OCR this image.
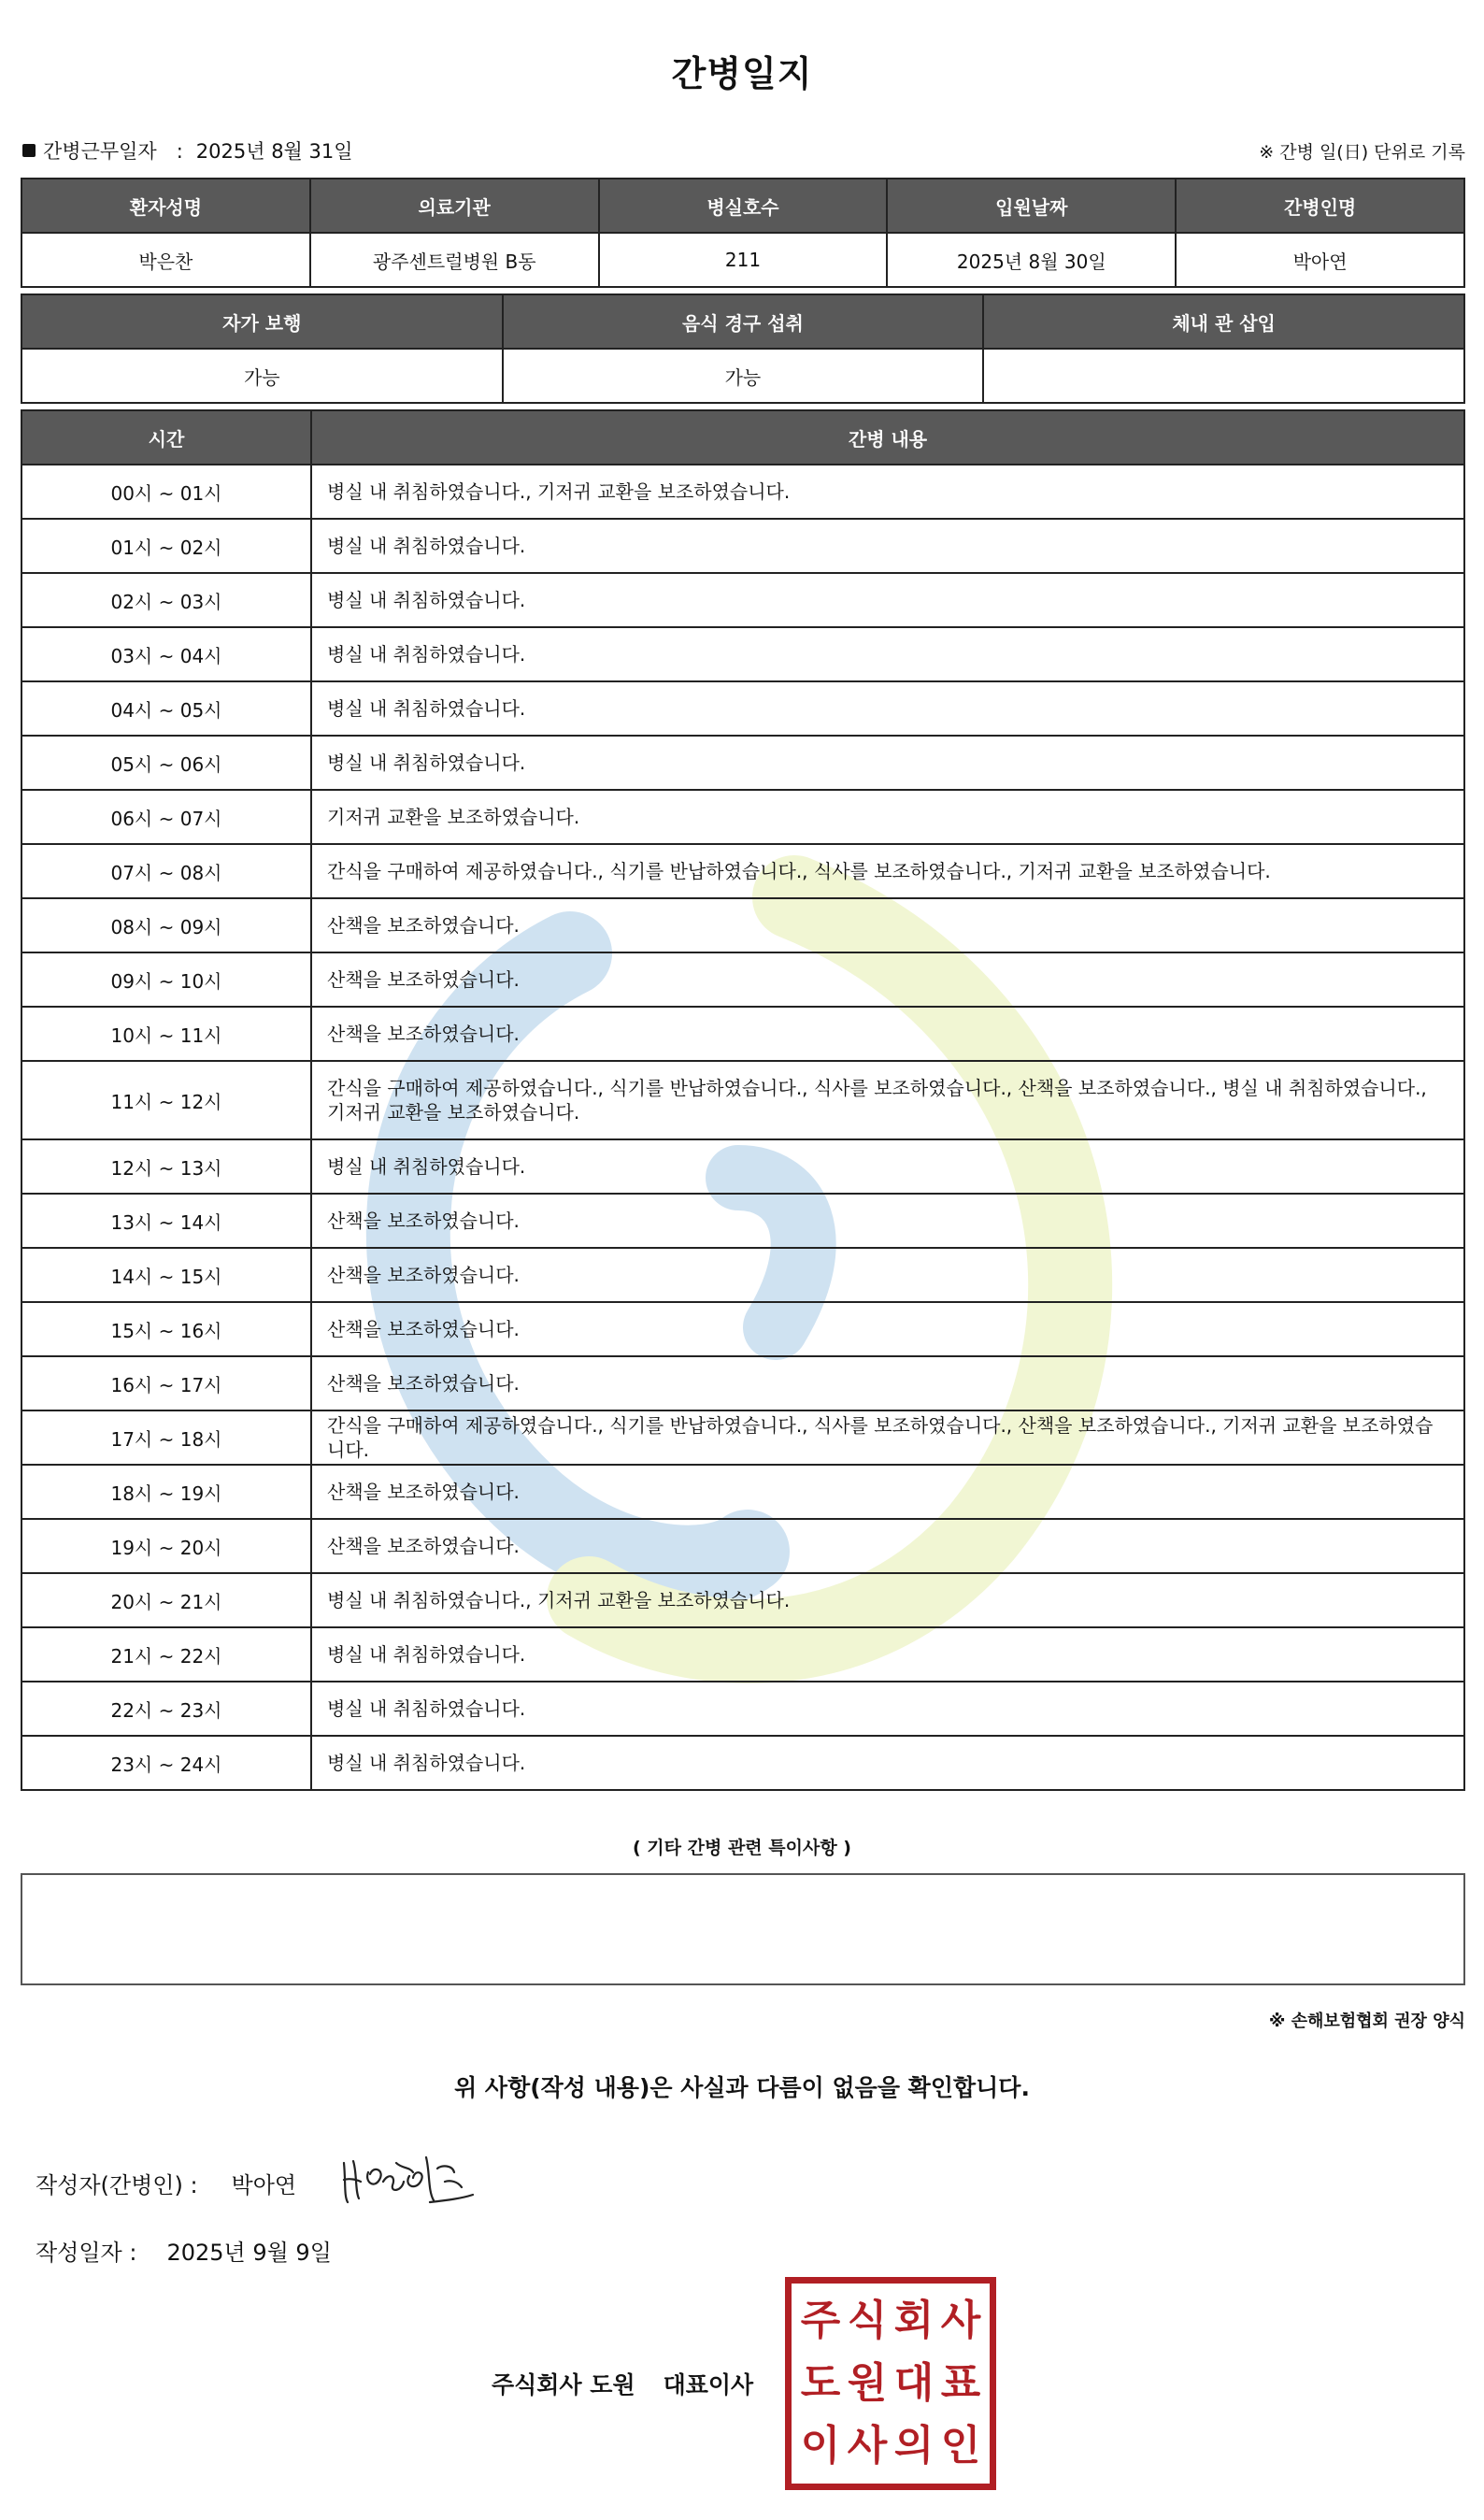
간병일지
간병근무일자　: 2025년 8월 31일	※ 간병 일(日) 단위로 기록
환자성명	의료기관	병실호수	입원날짜	간병인명
박은찬	광주센트럴병원 B동	211	2025년 8월 30일	박아연
자가 보행	음식 경구 섭취	체내 관 삽입
가능	가능	
시간	간병 내용
00시 ~ 01시	병실 내 취침하였습니다., 기저귀 교환을 보조하였습니다.
01시 ~ 02시	병실 내 취침하였습니다.
02시 ~ 03시	병실 내 취침하였습니다.
03시 ~ 04시	병실 내 취침하였습니다.
04시 ~ 05시	병실 내 취침하였습니다.
05시 ~ 06시	병실 내 취침하였습니다.
06시 ~ 07시	기저귀 교환을 보조하였습니다.
07시 ~ 08시	간식을 구매하여 제공하였습니다., 식기를 반납하였습니다., 식사를 보조하였습니다., 기저귀 교환을 보조하였습니다.
08시 ~ 09시	산책을 보조하였습니다.
09시 ~ 10시	산책을 보조하였습니다.
10시 ~ 11시	산책을 보조하였습니다.
11시 ~ 12시	간식을 구매하여 제공하였습니다., 식기를 반납하였습니다., 식사를 보조하였습니다., 산책을 보조하였습니다., 병실 내 취침하였습니다., 기저귀 교환을 보조하였습니다.
12시 ~ 13시	병실 내 취침하였습니다.
13시 ~ 14시	산책을 보조하였습니다.
14시 ~ 15시	산책을 보조하였습니다.
15시 ~ 16시	산책을 보조하였습니다.
16시 ~ 17시	산책을 보조하였습니다.
17시 ~ 18시	간식을 구매하여 제공하였습니다., 식기를 반납하였습니다., 식사를 보조하였습니다., 산책을 보조하였습니다., 기저귀 교환을 보조하였습니다.
18시 ~ 19시	산책을 보조하였습니다.
19시 ~ 20시	산책을 보조하였습니다.
20시 ~ 21시	병실 내 취침하였습니다., 기저귀 교환을 보조하였습니다.
21시 ~ 22시	병실 내 취침하였습니다.
22시 ~ 23시	병실 내 취침하였습니다.
23시 ~ 24시	병실 내 취침하였습니다.
( 기타 간병 관련 특이사항 )
※ 손해보험협회 권장 양식
위 사항(작성 내용)은 사실과 다름이 없음을 확인합니다.
작성자(간병인) : 박아연
작성일자 : 2025년 9월 9일
주식회사 도원 대표이사
주 식 회 사
도 원 대 표
이 사 의 인
